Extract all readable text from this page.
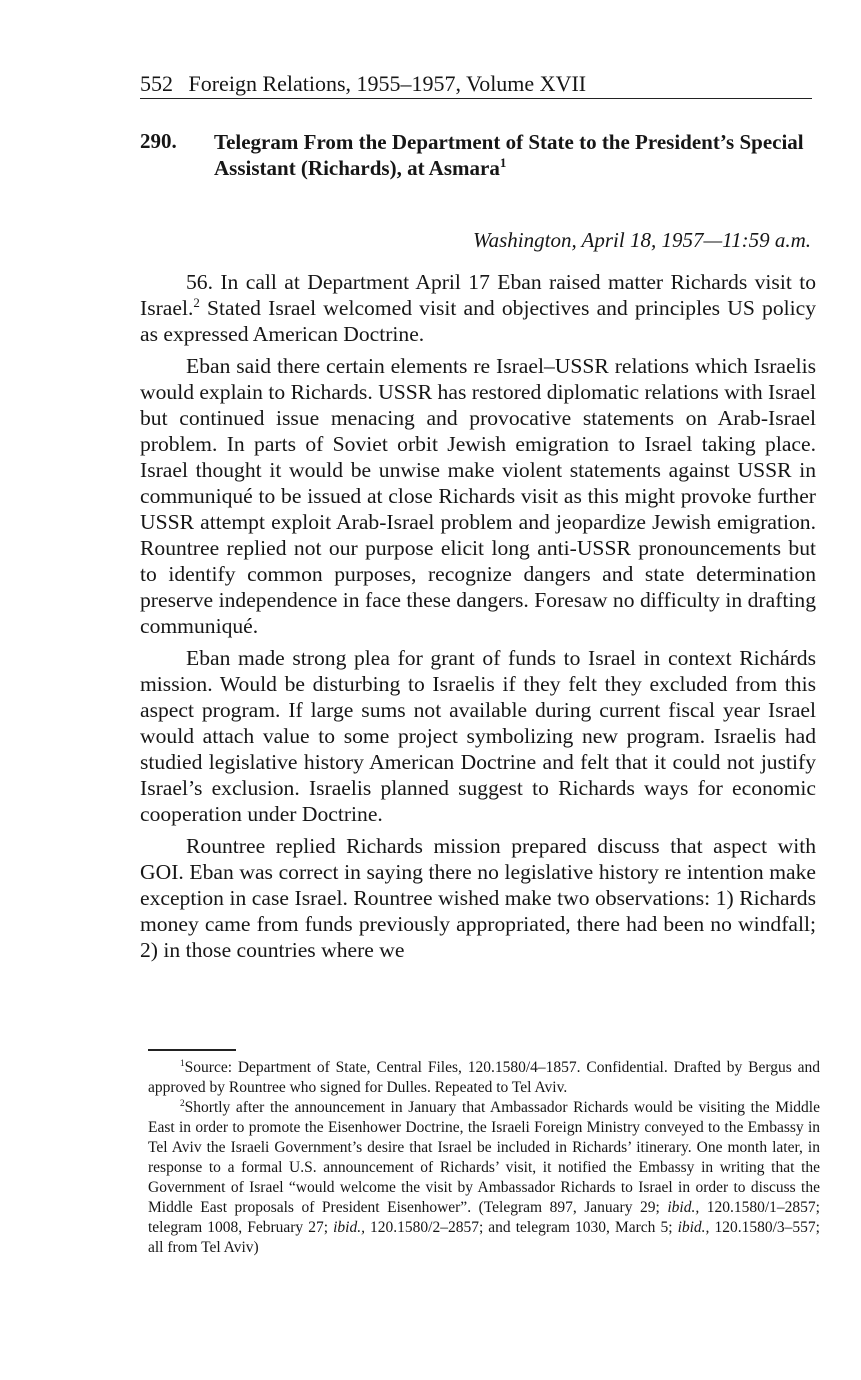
552 Foreign Relations, 1955–1957, Volume XVII
290. Telegram From the Department of State to the President’s Special Assistant (Richards), at Asmara$^1$
Washington, April 18, 1957—11:59 a.m.

56. In call at Department April 17 Eban raised matter Richards visit to Israel.$^2$ Stated Israel welcomed visit and objectives and principles US policy as expressed American Doctrine.

Eban said there certain elements re Israel–USSR relations which Israelis would explain to Richards. USSR has restored diplomatic relations with Israel but continued issue menacing and provocative statements on Arab-Israel problem. In parts of Soviet orbit Jewish emigration to Israel taking place. Israel thought it would be unwise make violent statements against USSR in communiqué to be issued at close Richards visit as this might provoke further USSR attempt exploit Arab-Israel problem and jeopardize Jewish emigration. Rountree replied not our purpose elicit long anti-USSR pronouncements but to identify common purposes, recognize dangers and state determination preserve independence in face these dangers. Foresaw no difficulty in drafting communiqué.

Eban made strong plea for grant of funds to Israel in context Richárds mission. Would be disturbing to Israelis if they felt they excluded from this aspect program. If large sums not available during current fiscal year Israel would attach value to some project symbolizing new program. Israelis had studied legislative history American Doctrine and felt that it could not justify Israel’s exclusion. Israelis planned suggest to Richards ways for economic cooperation under Doctrine.

Rountree replied Richards mission prepared discuss that aspect with GOI. Eban was correct in saying there no legislative history re intention make exception in case Israel. Rountree wished make two observations: 1) Richards money came from funds previously appropriated, there had been no windfall; 2) in those countries where we

$^1$Source: Department of State, Central Files, 120.1580/4–1857. Confidential. Drafted by Bergus and approved by Rountree who signed for Dulles. Repeated to Tel Aviv.

$^2$Shortly after the announcement in January that Ambassador Richards would be visiting the Middle East in order to promote the Eisenhower Doctrine, the Israeli Foreign Ministry conveyed to the Embassy in Tel Aviv the Israeli Government’s desire that Israel be included in Richards’ itinerary. One month later, in response to a formal U.S. announcement of Richards’ visit, it notified the Embassy in writing that the Government of Israel “would welcome the visit by Ambassador Richards to Israel in order to discuss the Middle East proposals of President Eisenhower”. (Telegram 897, January 29; ibid., 120.1580/1–2857; telegram 1008, February 27; ibid., 120.1580/2–2857; and telegram 1030, March 5; ibid., 120.1580/3–557; all from Tel Aviv)
